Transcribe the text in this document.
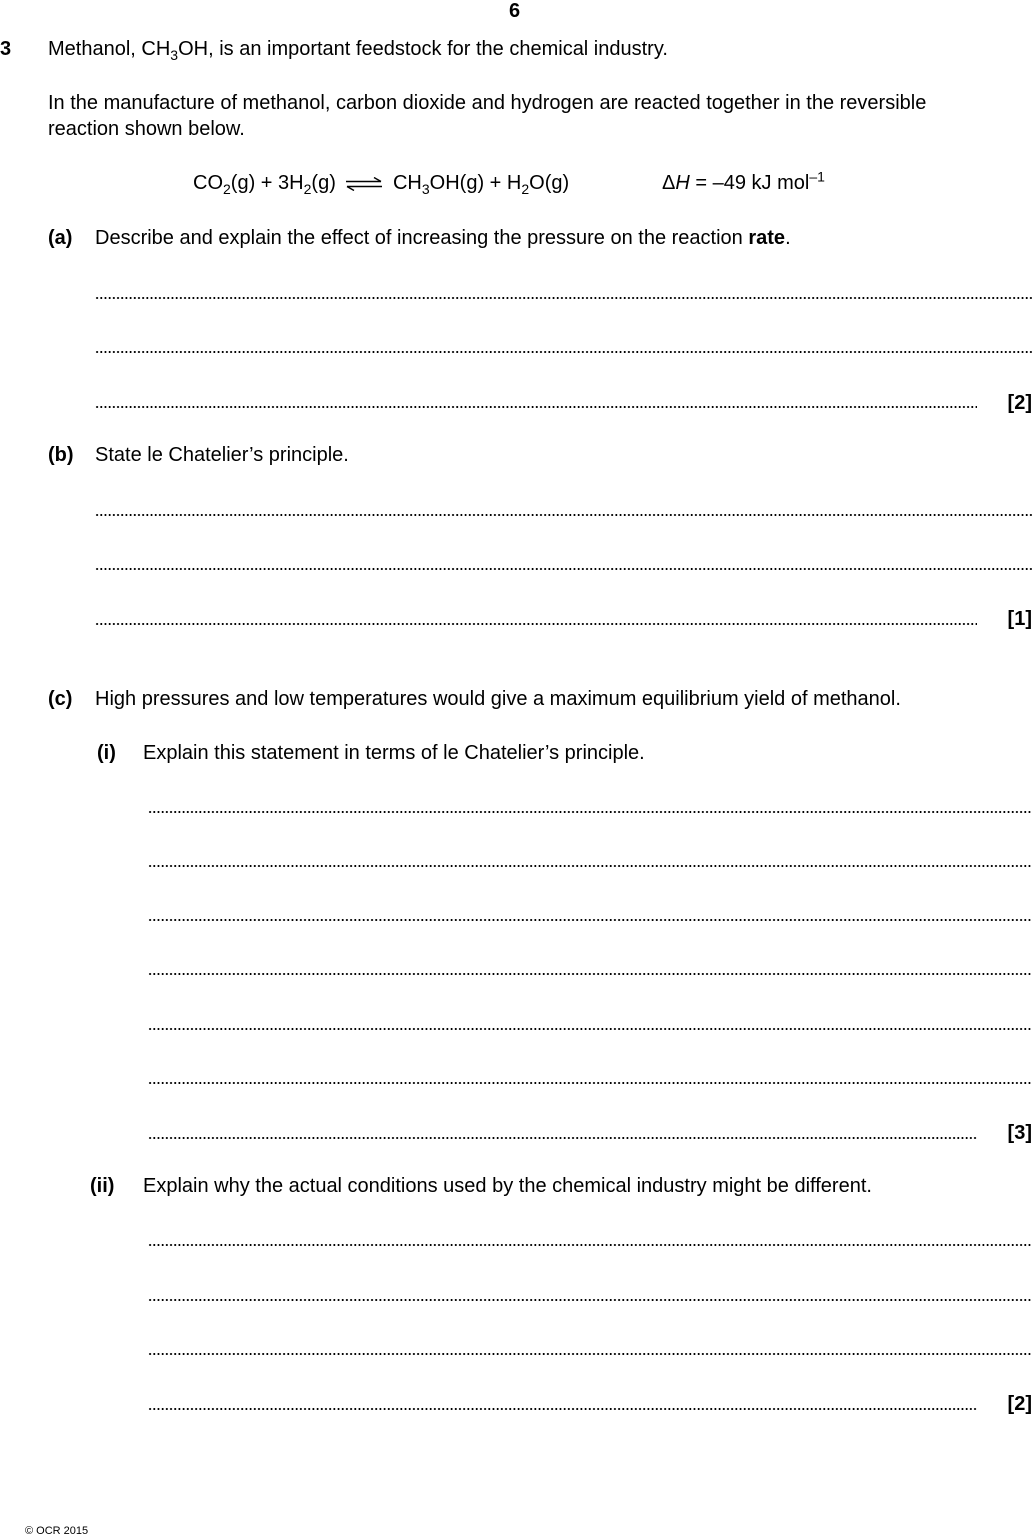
6
3 Methanol, $CH_3OH$, is an important feedstock for the chemical industry.
In the manufacture of methanol, carbon dioxide and hydrogen are reacted together in the reversible
reaction shown below.
$CO_2(g) + 3H_2(g)$ ⇌ $CH_3OH(g) + H_2O(g)$	ΔH = –49 kJ mol$^{-1}$
(a) Describe and explain the effect of increasing the pressure on the reaction rate.
[2]
(b) State le Chatelier’s principle.
[1]
(c) High pressures and low temperatures would give a maximum equilibrium yield of methanol.
(i) Explain this statement in terms of le Chatelier’s principle.
[3]
(ii) Explain why the actual conditions used by the chemical industry might be different.
[2]
© OCR 2015
